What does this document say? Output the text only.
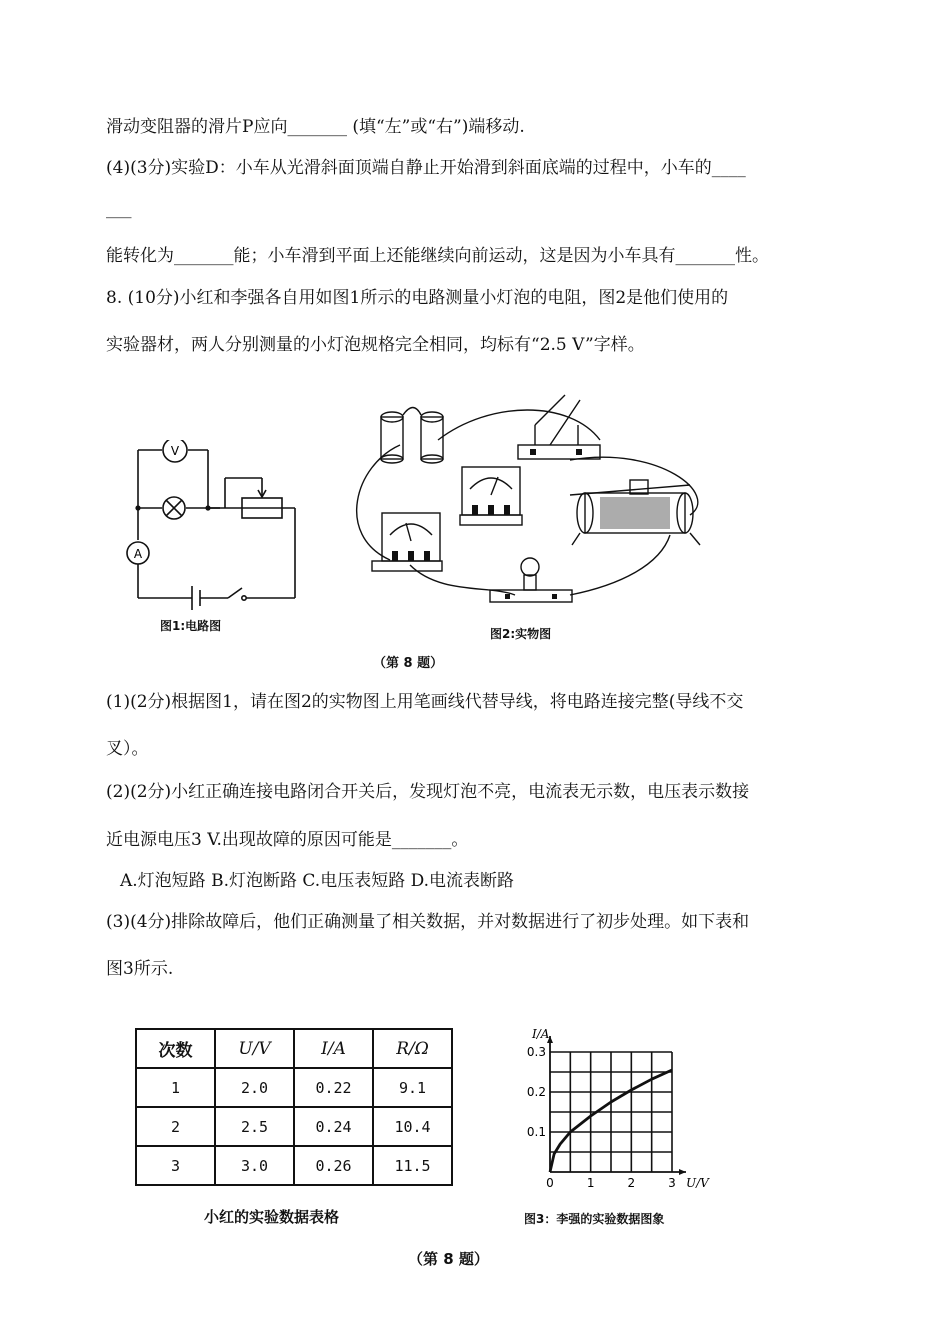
滑动变阻器的滑片P应向_______ (填“左”或“右”)端移动.
(4)(3分)实验D：小车从光滑斜面顶端自静止开始滑到斜面底端的过程中，小车的____
___
能转化为_______能；小车滑到平面上还能继续向前运动，这是因为小车具有_______性。
8. (10分)小红和李强各自用如图1所示的电路测量小灯泡的电阻，图2是他们使用的
实验器材，两人分别测量的小灯泡规格完全相同，均标有“2.5 V”字样。
V
A
图1:电路图
图2:实物图
（第 8 题）
(1)(2分)根据图1，请在图2的实物图上用笔画线代替导线，将电路连接完整(导线不交
叉）。
(2)(2分)小红正确连接电路闭合开关后，发现灯泡不亮，电流表无示数，电压表示数接
近电源电压3 V.出现故障的原因可能是_______。
A.灯泡短路 B.灯泡断路 C.电压表短路 D.电流表断路
(3)(4分)排除故障后，他们正确测量了相关数据，并对数据进行了初步处理。如下表和
图3所示.
次数	U/V	I/A	R/Ω
1	2.0	0.22	9.1
2	2.5	0.24	10.4
3	3.0	0.26	11.5
小红的实验数据表格
0	1	2	3
0.1
0.2
0.3
U/V
I/A
图3：李强的实验数据图象
（第 8 题）
